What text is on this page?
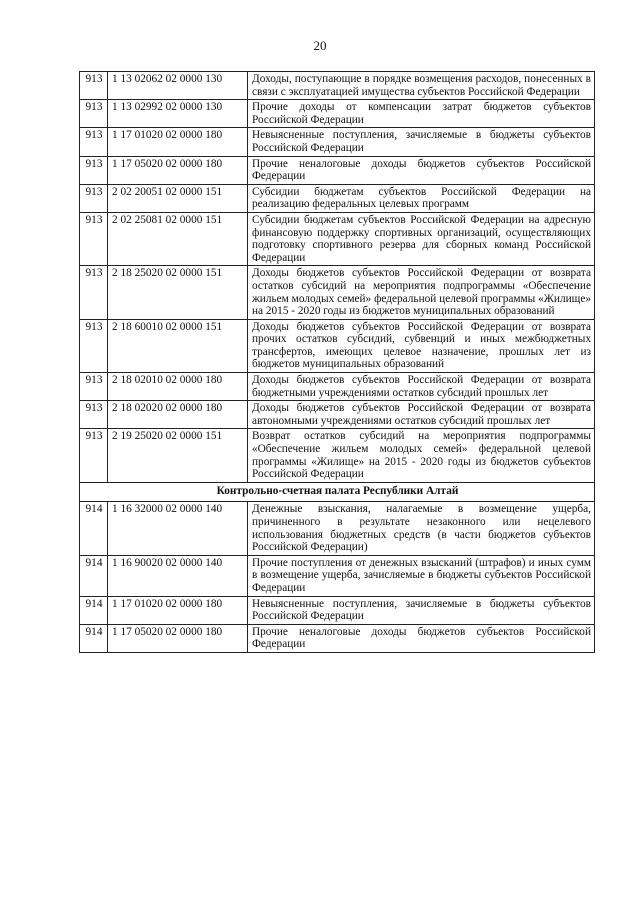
20
913	1 13 02062 02 0000 130	Доходы, поступающие в порядке возмещения расходов, понесенных в связи с эксплуатацией имущества субъектов Российской Федерации
913	1 13 02992 02 0000 130	Прочие доходы от компенсации затрат бюджетов субъектов Российской Федерации
913	1 17 01020 02 0000 180	Невыясненные поступления, зачисляемые в бюджеты субъектов Российской Федерации
913	1 17 05020 02 0000 180	Прочие неналоговые доходы бюджетов субъектов Российской Федерации
913	2 02 20051 02 0000 151	Субсидии бюджетам субъектов Российской Федерации на реализацию федеральных целевых программ
913	2 02 25081 02 0000 151	Субсидии бюджетам субъектов Российской Федерации на адресную финансовую поддержку спортивных организаций, осуществляющих подготовку спортивного резерва для сборных команд Российской Федерации
913	2 18 25020 02 0000 151	Доходы бюджетов субъектов Российской Федерации от возврата остатков субсидий на мероприятия подпрограммы «Обеспечение жильем молодых семей» федеральной целевой программы «Жилище» на 2015 - 2020 годы из бюджетов муниципальных образований
913	2 18 60010 02 0000 151	Доходы бюджетов субъектов Российской Федерации от возврата прочих остатков субсидий, субвенций и иных межбюджетных трансфертов, имеющих целевое назначение, прошлых лет из бюджетов муниципальных образований
913	2 18 02010 02 0000 180	Доходы бюджетов субъектов Российской Федерации от возврата бюджетными учреждениями остатков субсидий прошлых лет
913	2 18 02020 02 0000 180	Доходы бюджетов субъектов Российской Федерации от возврата автономными учреждениями остатков субсидий прошлых лет
913	2 19 25020 02 0000 151	Возврат остатков субсидий на мероприятия подпрограммы «Обеспечение жильем молодых семей» федеральной целевой программы «Жилище» на 2015 - 2020 годы из бюджетов субъектов Российской Федерации
Контрольно-счетная палата Республики Алтай		
914	1 16 32000 02 0000 140	Денежные взыскания, налагаемые в возмещение ущерба, причиненного в результате незаконного или нецелевого использования бюджетных средств (в части бюджетов субъектов Российской Федерации)
914	1 16 90020 02 0000 140	Прочие поступления от денежных взысканий (штрафов) и иных сумм в возмещение ущерба, зачисляемые в бюджеты субъектов Российской Федерации
914	1 17 01020 02 0000 180	Невыясненные поступления, зачисляемые в бюджеты субъектов Российской Федерации
914	1 17 05020 02 0000 180	Прочие неналоговые доходы бюджетов субъектов Российской Федерации
